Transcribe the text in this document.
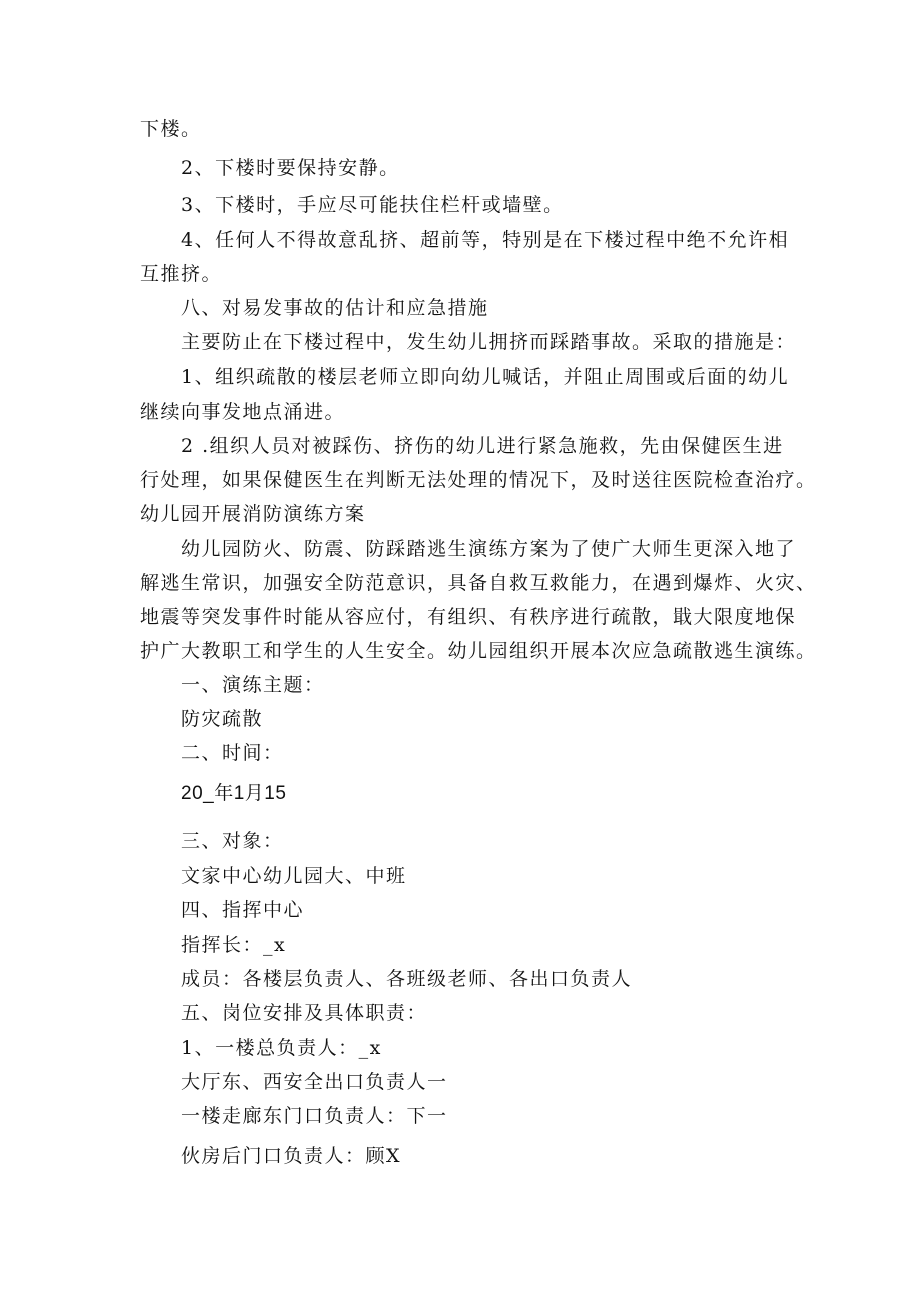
下楼。
2、下楼时要保持安静。
3、下楼时，手应尽可能扶住栏杆或墙壁。
4、任何人不得故意乱挤、超前等，特别是在下楼过程中绝不允许相
互推挤。
八、对易发事故的估计和应急措施
主要防止在下楼过程中，发生幼儿拥挤而踩踏事故。采取的措施是：
1、组织疏散的楼层老师立即向幼儿喊话，并阻止周围或后面的幼儿
继续向事发地点涌进。
2 .组织人员对被踩伤、挤伤的幼儿进行紧急施救，先由保健医生进
行处理，如果保健医生在判断无法处理的情况下，及时送往医院检查治疗。
幼儿园开展消防演练方案
幼儿园防火、防震、防踩踏逃生演练方案为了使广大师生更深入地了
解逃生常识，加强安全防范意识，具备自救互救能力，在遇到爆炸、火灾、
地震等突发事件时能从容应付，有组织、有秩序进行疏散，戢大限度地保
护广大教职工和学生的人生安全。幼儿园组织开展本次应急疏散逃生演练。
一、演练主题：
防灾疏散
二、时间：
20_年1月15
三、对象：
文家中心幼儿园大、中班
四、指挥中心
指挥长：_x
成员：各楼层负责人、各班级老师、各出口负责人
五、岗位安排及具体职责：
1、一楼总负责人：_x
大厅东、西安全出口负责人一
一楼走廊东门口负责人：下一
伙房后门口负责人：顾X
